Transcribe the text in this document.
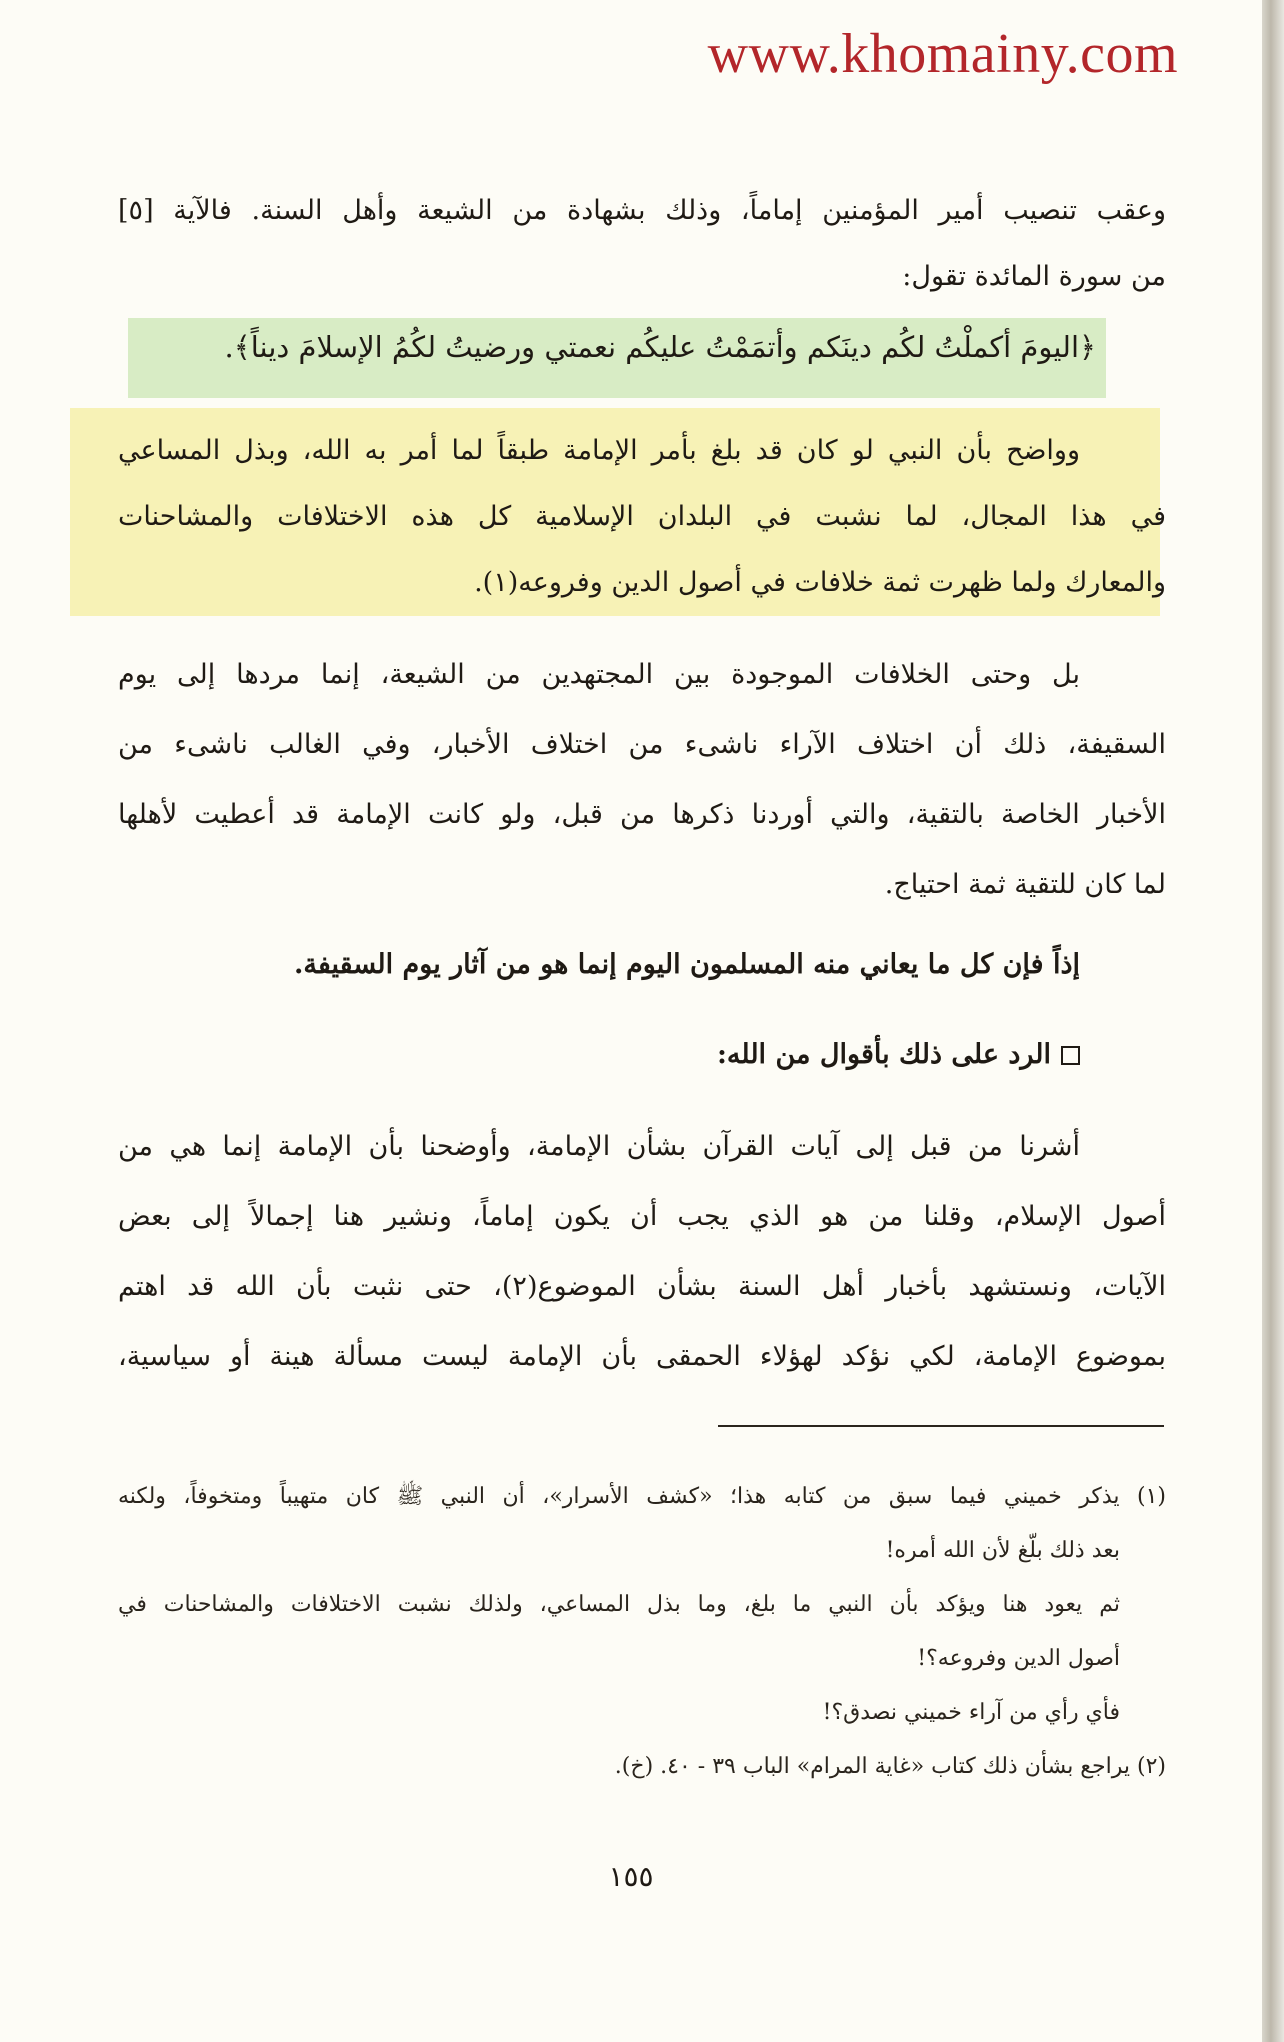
www.khomainy.com
وعقب تنصيب أمير المؤمنين إماماً، وذلك بشهادة من الشيعة وأهل السنة. فالآية [٥]
من سورة المائدة تقول:
﴿اليومَ أكملْتُ لكُم دينَكم وأتمَمْتُ عليكُم نعمتي ورضيتُ لكُمُ الإسلامَ ديناً﴾.
وواضح بأن النبي لو كان قد بلغ بأمر الإمامة طبقاً لما أمر به الله، وبذل المساعي
في هذا المجال، لما نشبت في البلدان الإسلامية كل هذه الاختلافات والمشاحنات
والمعارك ولما ظهرت ثمة خلافات في أصول الدين وفروعه(١).
بل وحتى الخلافات الموجودة بين المجتهدين من الشيعة، إنما مردها إلى يوم
السقيفة، ذلك أن اختلاف الآراء ناشىء من اختلاف الأخبار، وفي الغالب ناشىء من
الأخبار الخاصة بالتقية، والتي أوردنا ذكرها من قبل، ولو كانت الإمامة قد أعطيت لأهلها
لما كان للتقية ثمة احتياج.
إذاً فإن كل ما يعاني منه المسلمون اليوم إنما هو من آثار يوم السقيفة.
الرد على ذلك بأقوال من الله:
أشرنا من قبل إلى آيات القرآن بشأن الإمامة، وأوضحنا بأن الإمامة إنما هي من
أصول الإسلام، وقلنا من هو الذي يجب أن يكون إماماً، ونشير هنا إجمالاً إلى بعض
الآيات، ونستشهد بأخبار أهل السنة بشأن الموضوع(٢)، حتى نثبت بأن الله قد اهتم
بموضوع الإمامة، لكي نؤكد لهؤلاء الحمقى بأن الإمامة ليست مسألة هينة أو سياسية،
(١) يذكر خميني فيما سبق من كتابه هذا؛ «كشف الأسرار»، أن النبي ﷺ كان متهيباً ومتخوفاً، ولكنه
بعد ذلك بلّغ لأن الله أمره!
ثم يعود هنا ويؤكد بأن النبي ما بلغ، وما بذل المساعي، ولذلك نشبت الاختلافات والمشاحنات في
أصول الدين وفروعه؟!
فأي رأي من آراء خميني نصدق؟!
(٢) يراجع بشأن ذلك كتاب «غاية المرام» الباب ٣٩ - ٤٠. (خ).
١٥٥
